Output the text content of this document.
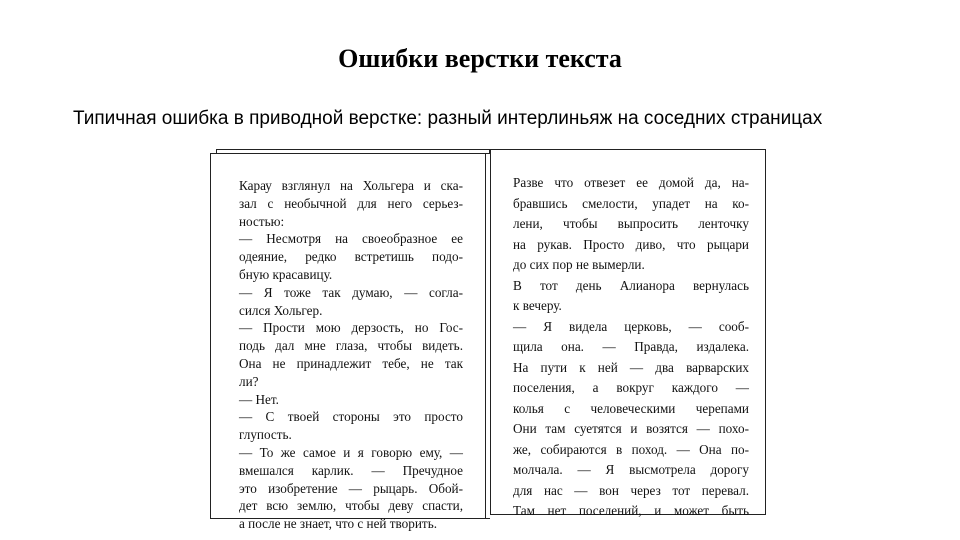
Ошибки верстки текста
Типичная ошибка в приводной верстке: разный интерлиньяж на соседних страницах
Карау взглянул на Хольгера и ска-
зал с необычной для него серьез-
ностью:
— Несмотря на своеобразное ее
одеяние, редко встретишь подо-
бную красавицу.
— Я тоже так думаю, — согла-
сился Хольгер.
— Прости мою дерзость, но Гос-
подь дал мне глаза, чтобы видеть.
Она не принадлежит тебе, не так
ли?
— Нет.
— С твоей стороны это просто
глупость.
— То же самое и я говорю ему, —
вмешался карлик. — Пречудное
это изобретение — рыцарь. Обой-
дет всю землю, чтобы деву спасти,
а после не знает, что с ней творить.
Разве что отвезет ее домой да, на-
бравшись смелости, упадет на ко-
лени, чтобы выпросить ленточку
на рукав. Просто диво, что рыцари
до сих пор не вымерли.
В тот день Алианора вернулась
к вечеру.
— Я видела церковь, — сооб-
щила она. — Правда, издалека.
На пути к ней — два варварских
поселения, а вокруг каждого —
колья с человеческими черепами
Они там суетятся и возятся — похо-
же, собираются в поход. — Она по-
молчала. — Я высмотрела дорогу
для нас — вон через тот перевал.
Там нет поселений, и может быть
